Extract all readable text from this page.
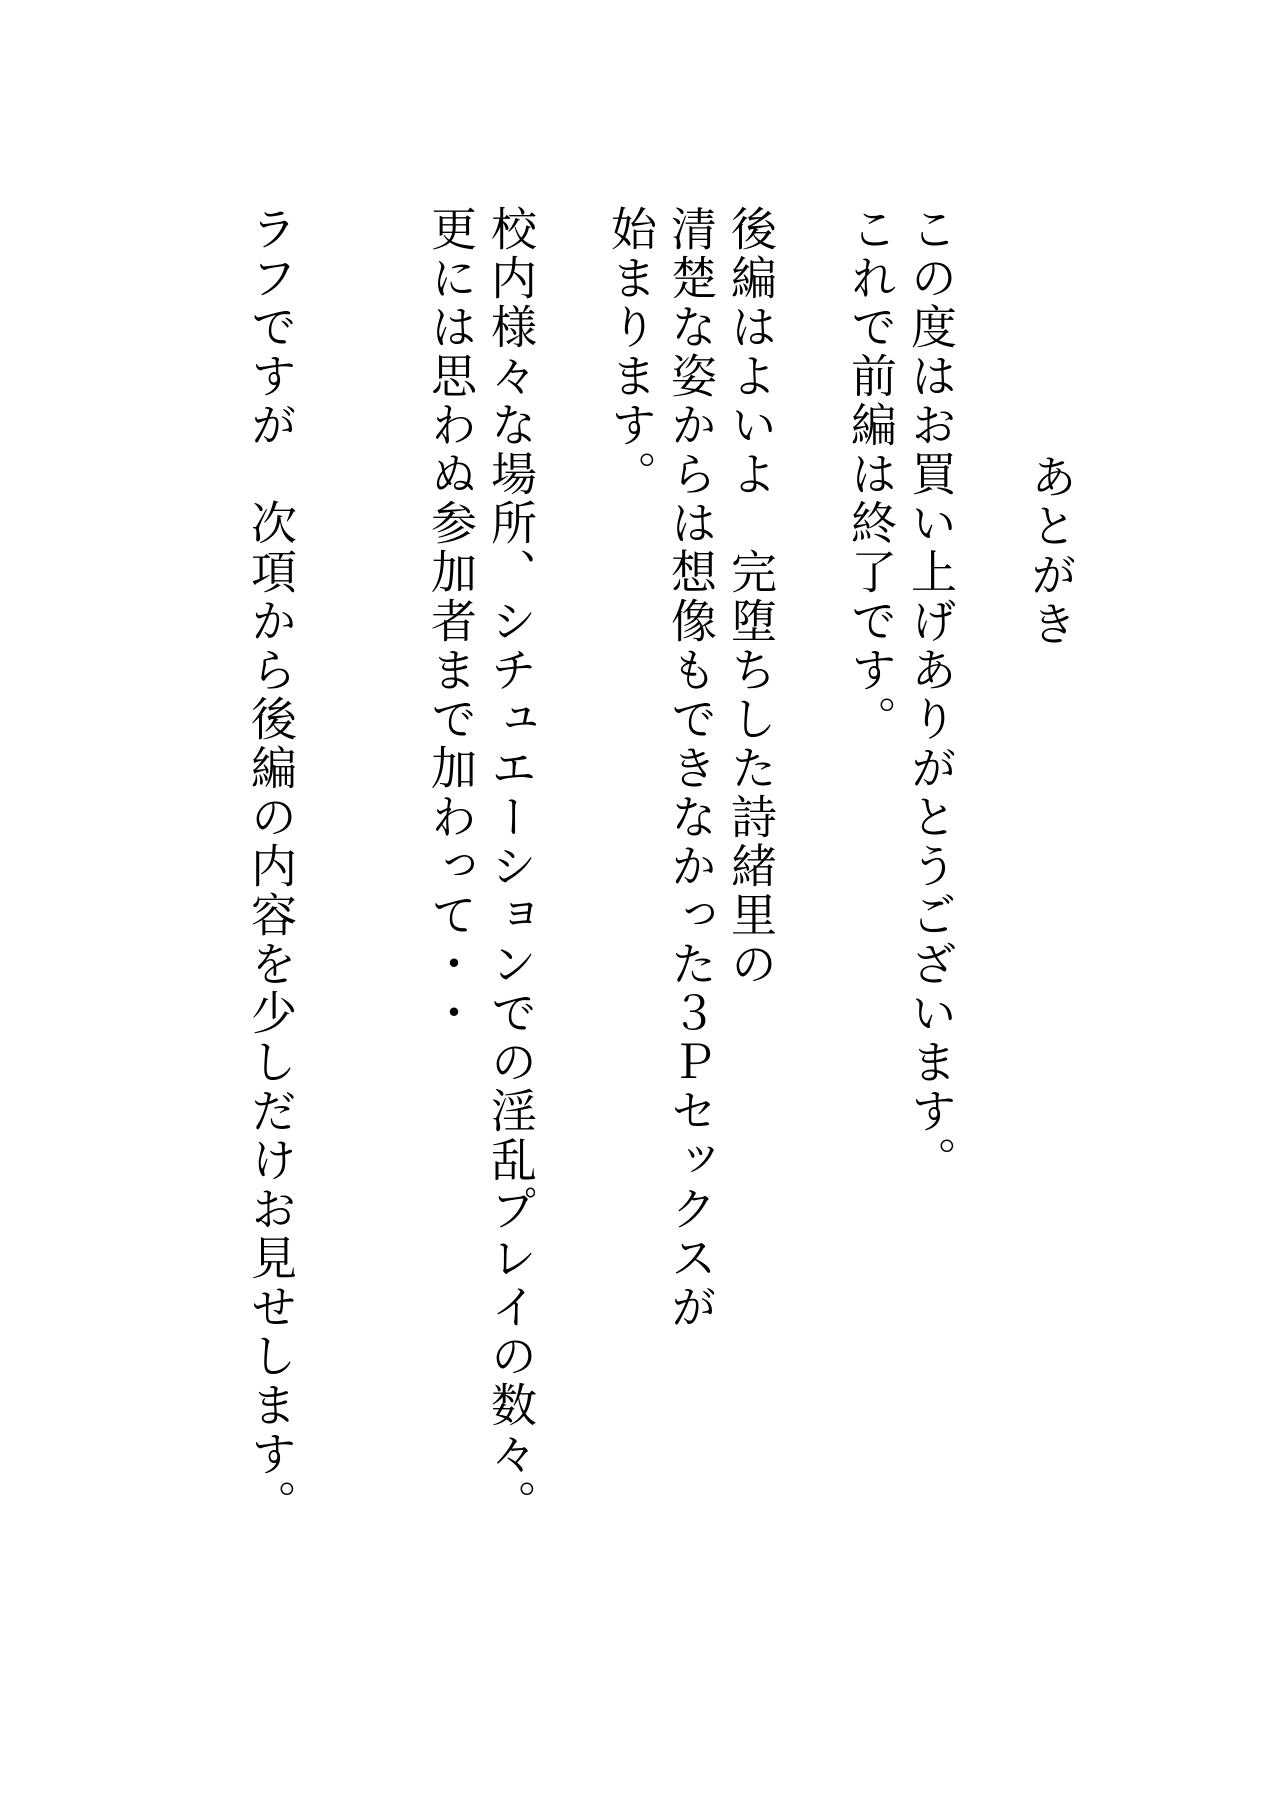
あとがき

この度はお買い上げありがとうございます。

これで前編は終了です。

後編はよいよ　完堕ちした詩緒里の

清楚な姿からは想像もできなかった３Ｐセックスが

始まります。

校内様々な場所、シチュエーションでの淫乱プレイの数々。

更には思わぬ参加者まで加わって・・

ラフですが　次項から後編の内容を少しだけお見せします。
